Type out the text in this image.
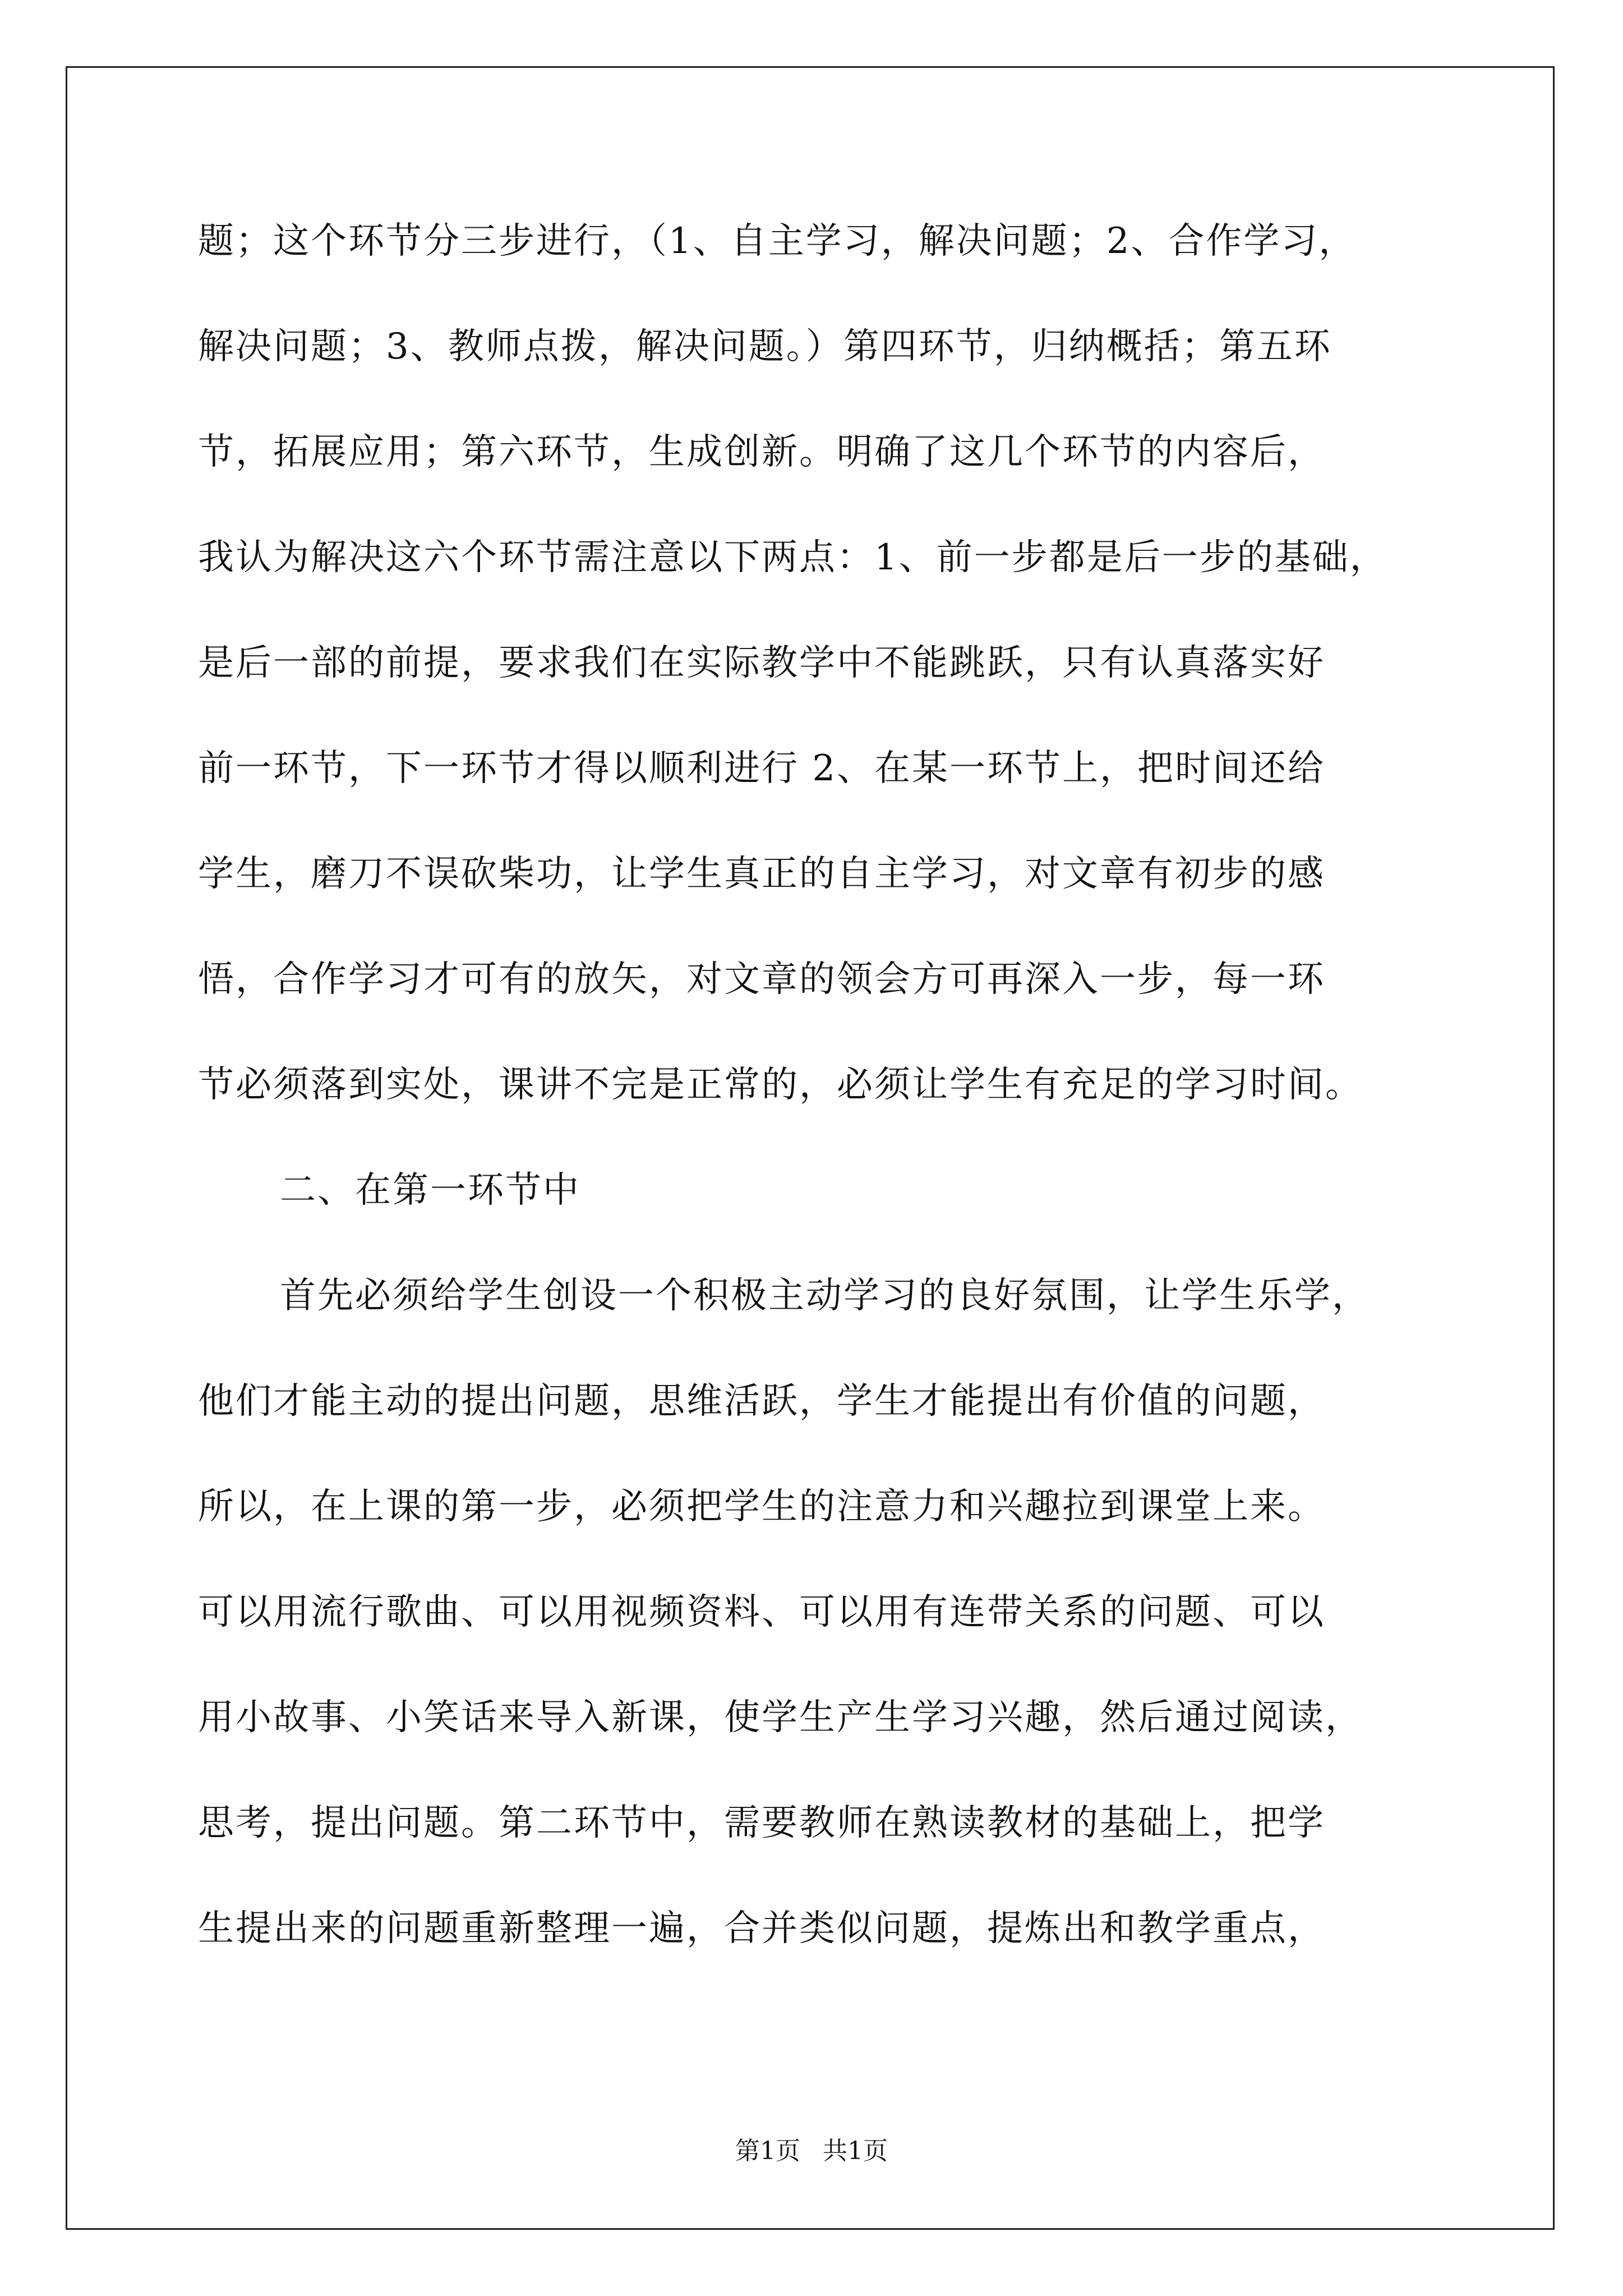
题；这个环节分三步进行，（1、自主学习，解决问题；2、合作学习，
解决问题；3、教师点拨，解决问题。）第四环节，归纳概括；第五环
节，拓展应用；第六环节，生成创新。明确了这几个环节的内容后，
我认为解决这六个环节需注意以下两点：1、前一步都是后一步的基础，
是后一部的前提，要求我们在实际教学中不能跳跃，只有认真落实好
前一环节，下一环节才得以顺利进行 2、在某一环节上，把时间还给
学生，磨刀不误砍柴功，让学生真正的自主学习，对文章有初步的感
悟，合作学习才可有的放矢，对文章的领会方可再深入一步，每一环
节必须落到实处，课讲不完是正常的，必须让学生有充足的学习时间。
二、在第一环节中
首先必须给学生创设一个积极主动学习的良好氛围，让学生乐学，
他们才能主动的提出问题，思维活跃，学生才能提出有价值的问题，
所以，在上课的第一步，必须把学生的注意力和兴趣拉到课堂上来。
可以用流行歌曲、可以用视频资料、可以用有连带关系的问题、可以
用小故事、小笑话来导入新课，使学生产生学习兴趣，然后通过阅读，
思考，提出问题。第二环节中，需要教师在熟读教材的基础上，把学
生提出来的问题重新整理一遍，合并类似问题，提炼出和教学重点，
第1页 共1页
